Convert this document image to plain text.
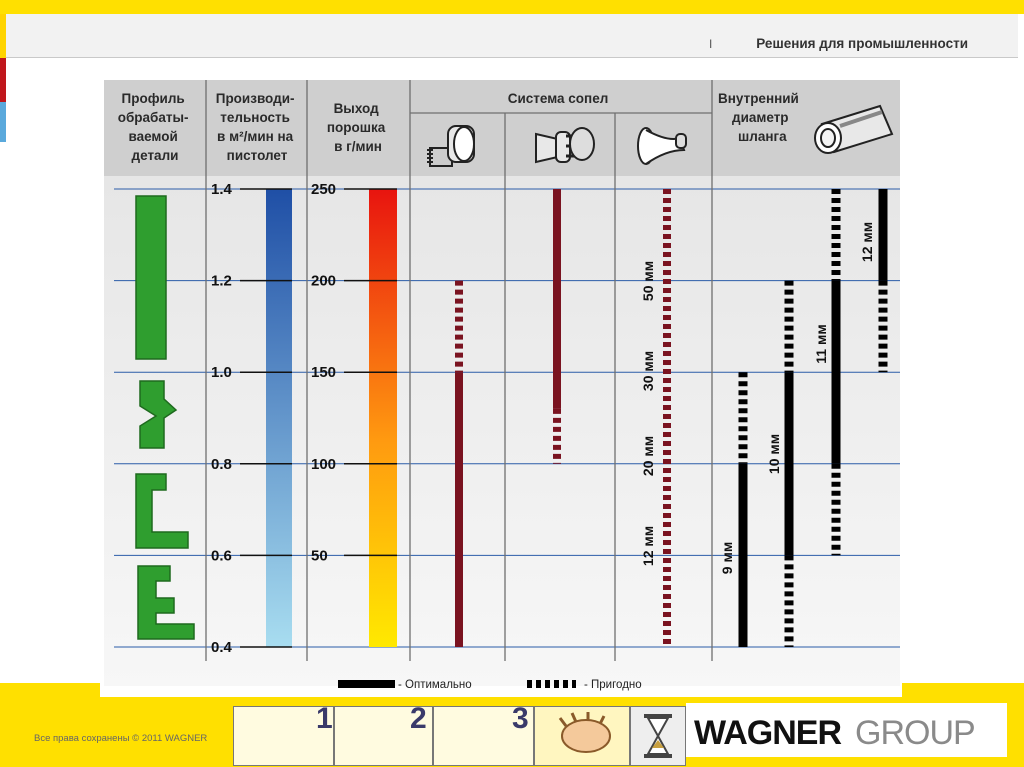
I	Решения для промышленности
Профиль обрабаты- ваемой детали
Производи- тельность в м²/мин на пистолет
Выход порошка в г/мин
Система сопел	Внутренний диаметр шланга
1.4
1.2
1.0
0.8
0.6
0.4
250
200
150
100
50	12 мм
20 мм
30 мм
50 мм
9 мм
10 мм
11 мм
12 мм
- Оптимально	- Пригодно
1	2	3	WAGNER GROUP
Все права сохранены © 2011 WAGNER
